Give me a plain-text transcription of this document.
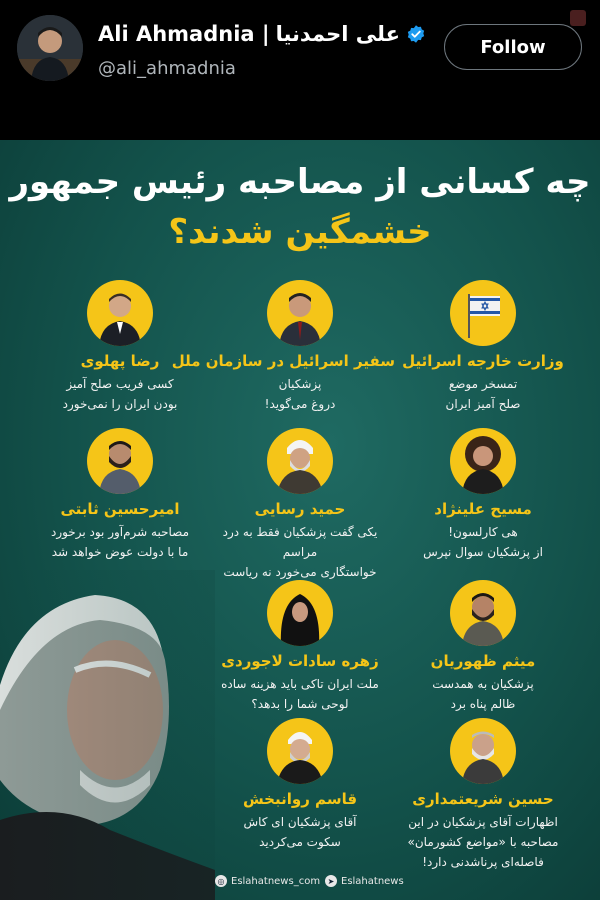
Ali Ahmadnia | علی احمدنیا
@ali_ahmadnia
Follow
چه کسانی از مصاحبه رئیس جمهور
خشمگین شدند؟
رضا پهلوی
کسی فریب صلح آمیز
بودن ایران را نمی‌خورد
سفیر اسرائیل در سازمان ملل
پزشکیان
دروغ می‌گوید!
وزارت خارجه اسرائیل
تمسخر موضع
صلح آمیز ایران
امیرحسین ثابتی
مصاحبه شرم‌آور بود برخورد
ما با دولت عوض خواهد شد
حمید رسایی
یکی گفت پزشکیان فقط به درد مراسم
خواستگاری می‌خورد نه ریاست
مسیح علینژاد
هی کارلسون!
از پزشکیان سوال نپرس
زهره سادات لاجوردی
ملت ایران تاکی باید هزینه ساده
لوحی شما را بدهد؟
میثم ظهوریان
پزشکیان به همدست
ظالم پناه برد
قاسم روانبخش
آقای پزشکیان ای کاش
سکوت می‌کردید
حسین شریعتمداری
اظهارات آقای پزشکیان در این
مصاحبه با «مواضع کشورمان»
فاصله‌ای پرناشدنی دارد!
◎ Eslahatnews_com ➤ Eslahatnews
